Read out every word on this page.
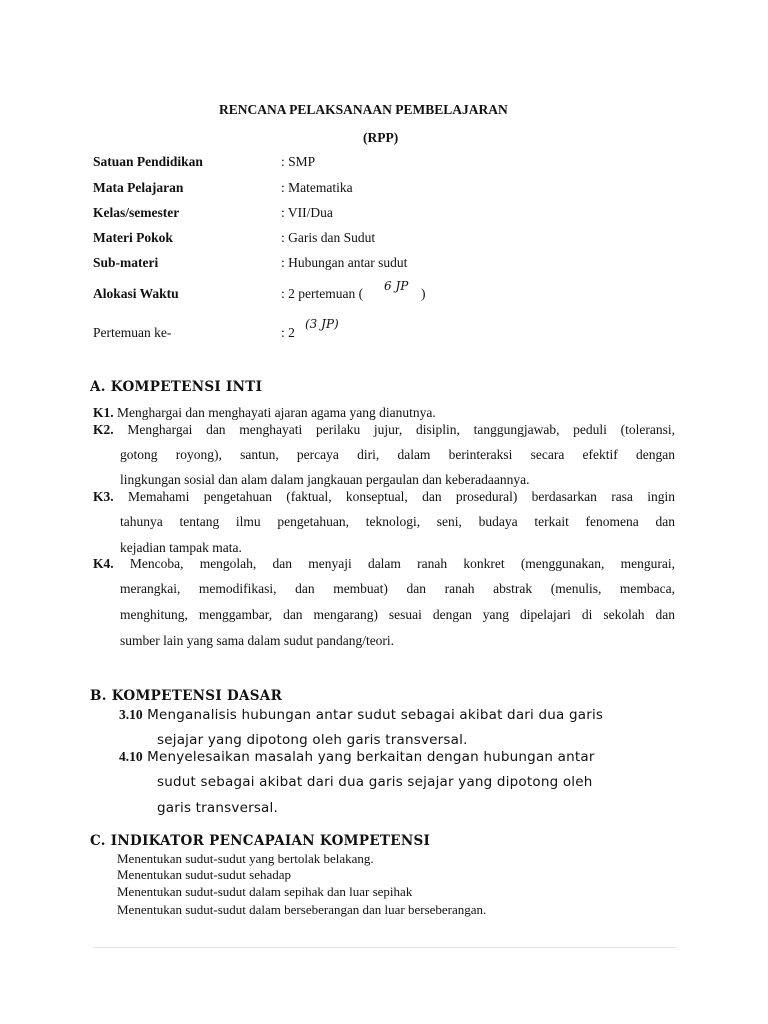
RENCANA PELAKSANAAN PEMBELAJARAN
(RPP)
Satuan Pendidikan	: SMP
Mata Pelajaran	: Matematika
Kelas/semester	: VII/Dua
Materi Pokok	: Garis dan Sudut
Sub-materi	: Hubungan antar sudut
Alokasi Waktu	: 2 pertemuan ( 6 JP )
Pertemuan ke-	: 2
(3 JP)
A. KOMPETENSI INTI
K1. Menghargai dan menghayati ajaran agama yang dianutnya.
K2. Menghargai dan menghayati perilaku jujur, disiplin, tanggungjawab, peduli (toleransi,
gotong royong), santun, percaya diri, dalam berinteraksi secara efektif dengan
lingkungan sosial dan alam dalam jangkauan pergaulan dan keberadaannya.
K3. Memahami pengetahuan (faktual, konseptual, dan prosedural) berdasarkan rasa ingin
tahunya tentang ilmu pengetahuan, teknologi, seni, budaya terkait fenomena dan
kejadian tampak mata.
K4. Mencoba, mengolah, dan menyaji dalam ranah konkret (menggunakan, mengurai,
merangkai, memodifikasi, dan membuat) dan ranah abstrak (menulis, membaca,
menghitung, menggambar, dan mengarang) sesuai dengan yang dipelajari di sekolah dan
sumber lain yang sama dalam sudut pandang/teori.
B. KOMPETENSI DASAR
3.10 Menganalisis hubungan antar sudut sebagai akibat dari dua garis
sejajar yang dipotong oleh garis transversal.
4.10 Menyelesaikan masalah yang berkaitan dengan hubungan antar
sudut sebagai akibat dari dua garis sejajar yang dipotong oleh
garis transversal.
C. INDIKATOR PENCAPAIAN KOMPETENSI
Menentukan sudut-sudut yang bertolak belakang.
Menentukan sudut-sudut sehadap
Menentukan sudut-sudut dalam sepihak dan luar sepihak
Menentukan sudut-sudut dalam berseberangan dan luar berseberangan.
